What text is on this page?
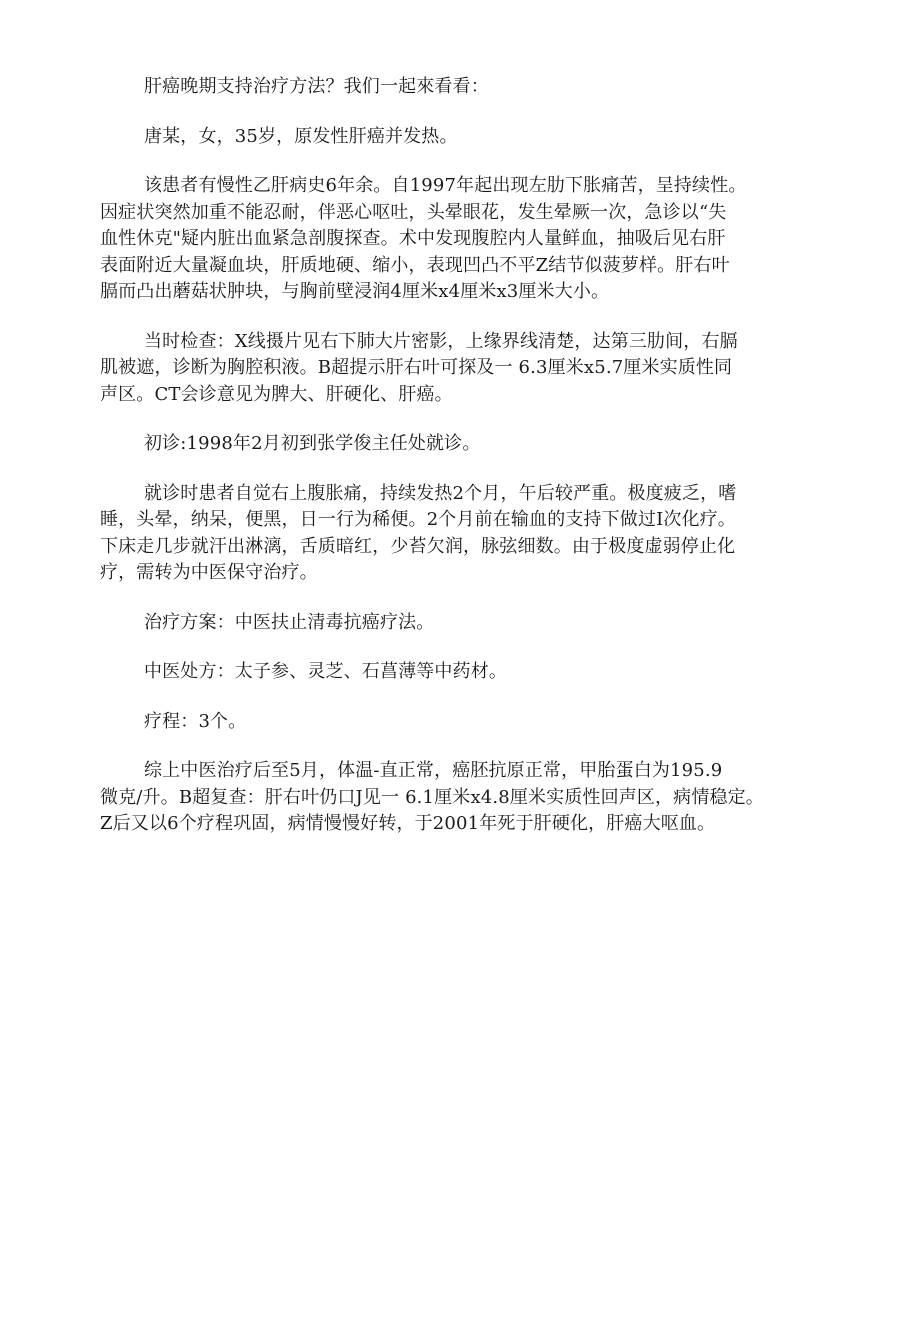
肝癌晚期支持治疗方法？我们一起來看看：

唐某，女，35岁，原发性肝癌并发热。

该患者有慢性乙肝病史6年余。自1997年起出现左肋下胀痛苦，呈持续性。
因症状突然加重不能忍耐，伴恶心呕吐，头晕眼花，发生晕厥一次，急诊以“失
血性休克"疑内脏出血紧急剖腹探查。术中发现腹腔内人量鲜血，抽吸后见右肝
表面附近大量凝血块，肝质地硬、缩小，表现凹凸不平Z结节似菠萝样。肝右叶
膈而凸出蘑菇状肿块，与胸前壁浸润4厘米x4厘米x3厘米大小。

当时检查：X线摄片见右下肺大片密影，上缘界线清楚，达第三肋间，右膈
肌被遮，诊断为胸腔积液。B超提示肝右叶可探及一 6.3厘米x5.7厘米实质性同
声区。CT会诊意见为脾大、肝硬化、肝癌。

初诊:1998年2月初到张学俊主任处就诊。

就诊时患者自觉右上腹胀痛，持续发热2个月，午后较严重。极度疲乏，嗜
睡，头晕，纳呆，便黑，日一行为稀便。2个月前在输血的支持下做过I次化疗。
下床走几步就汗出淋漓，舌质暗红，少苔欠润，脉弦细数。由于极度虚弱停止化
疗，需转为中医保守治疗。

治疗方案：中医扶止清毒抗癌疗法。

中医处方：太子参、灵芝、石菖薄等中药材。

疗程：3个。

综上中医治疗后至5月，体温-直正常，癌胚抗原正常，甲胎蛋白为195.9
微克/升。B超复查：肝右叶仍口J见一 6.1厘米x4.8厘米实质性回声区，病情稳定。
Z后又以6个疗程巩固，病情慢慢好转，于2001年死于肝硬化，肝癌大呕血。
